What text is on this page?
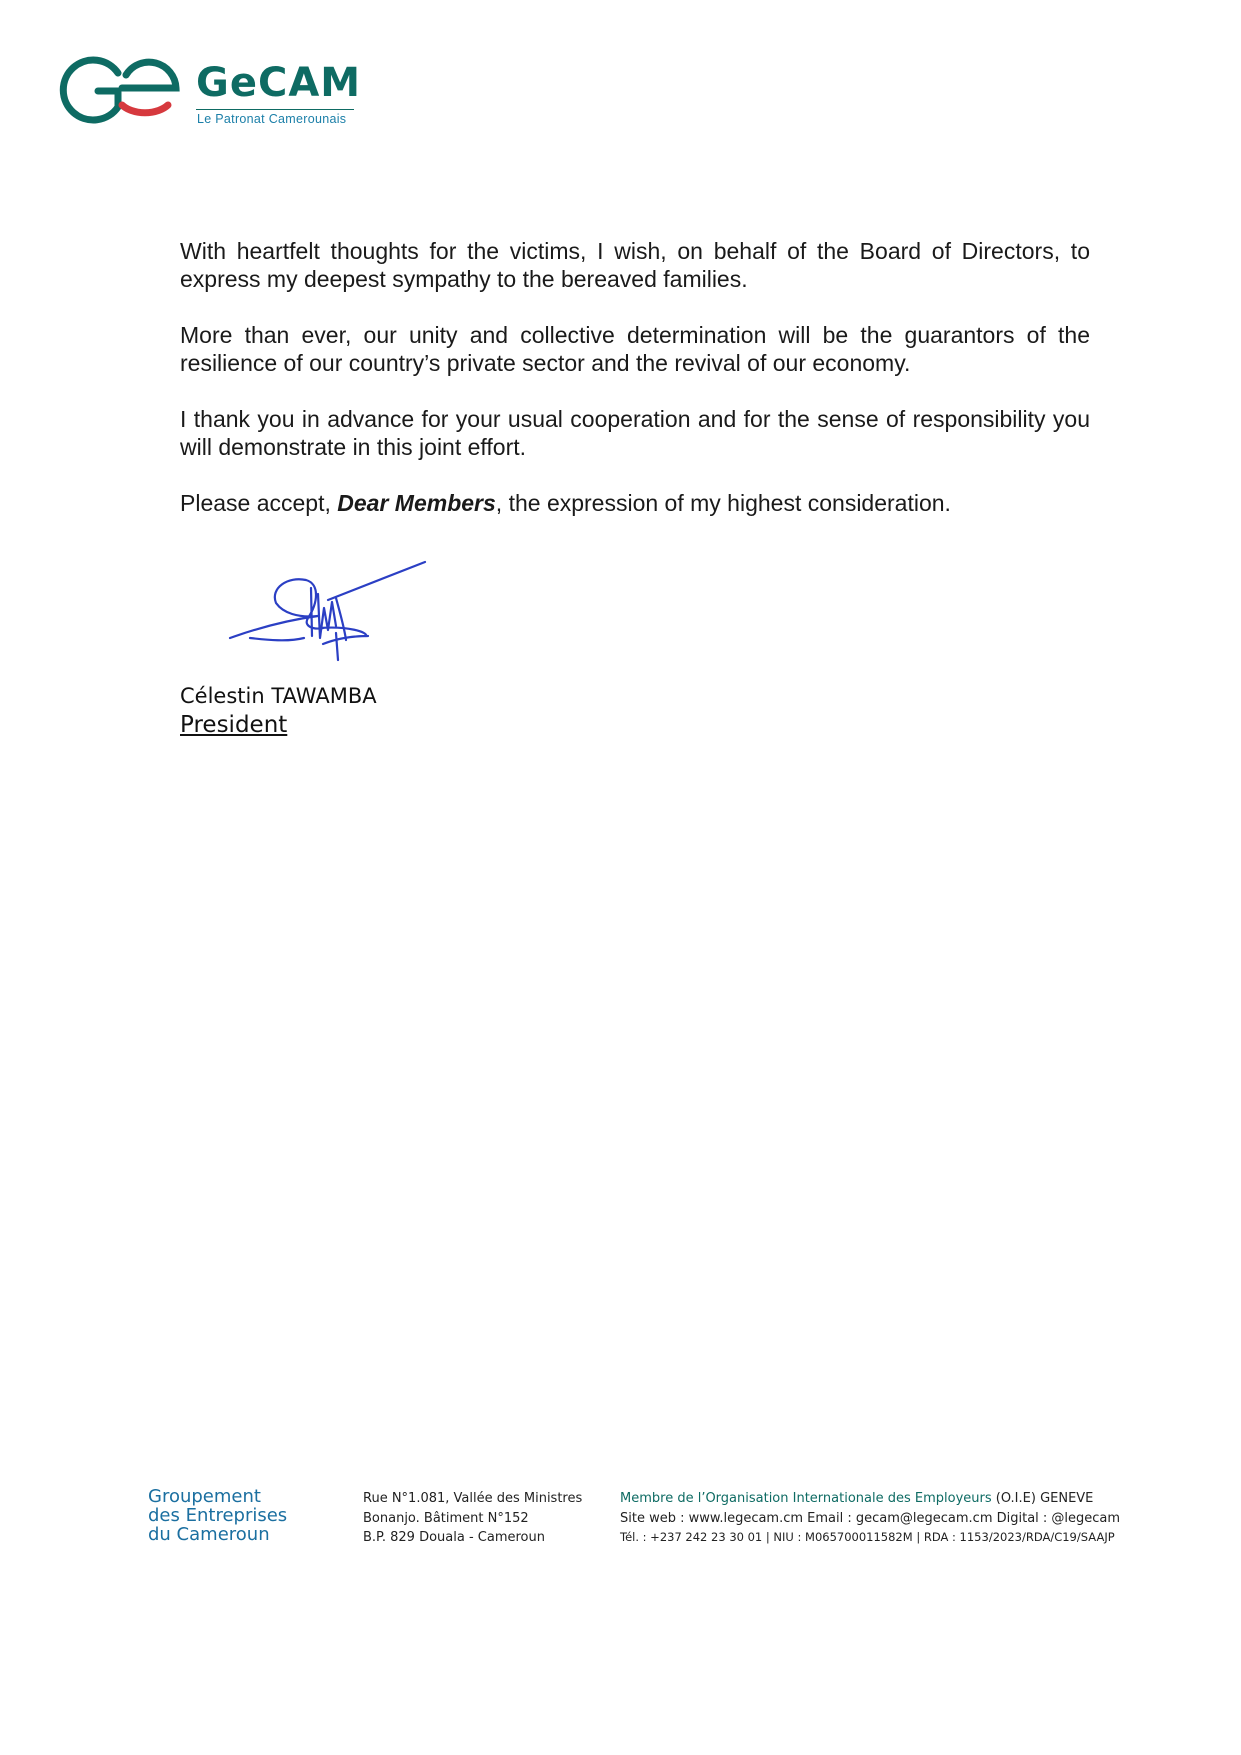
GeCAM
Le Patronat Camerounais

With heartfelt thoughts for the victims, I wish, on behalf of the Board of Directors, to express my deepest sympathy to the bereaved families.

More than ever, our unity and collective determination will be the guarantors of the resilience of our country’s private sector and the revival of our economy.

I thank you in advance for your usual cooperation and for the sense of responsibility you will demonstrate in this joint effort.

Please accept, Dear Members, the expression of my highest consideration.

Célestin TAWAMBA
President
Groupement
des Entreprises
du Cameroun
Rue N°1.081, Vallée des Ministres
Bonanjo. Bâtiment N°152
B.P. 829 Douala - Cameroun
Membre de l’Organisation Internationale des Employeurs (O.I.E) GENEVE
Site web : www.legecam.cm Email : gecam@legecam.cm Digital : @legecam
Tél. : +237 242 23 30 01 | NIU : M065700011582M | RDA : 1153/2023/RDA/C19/SAAJP
